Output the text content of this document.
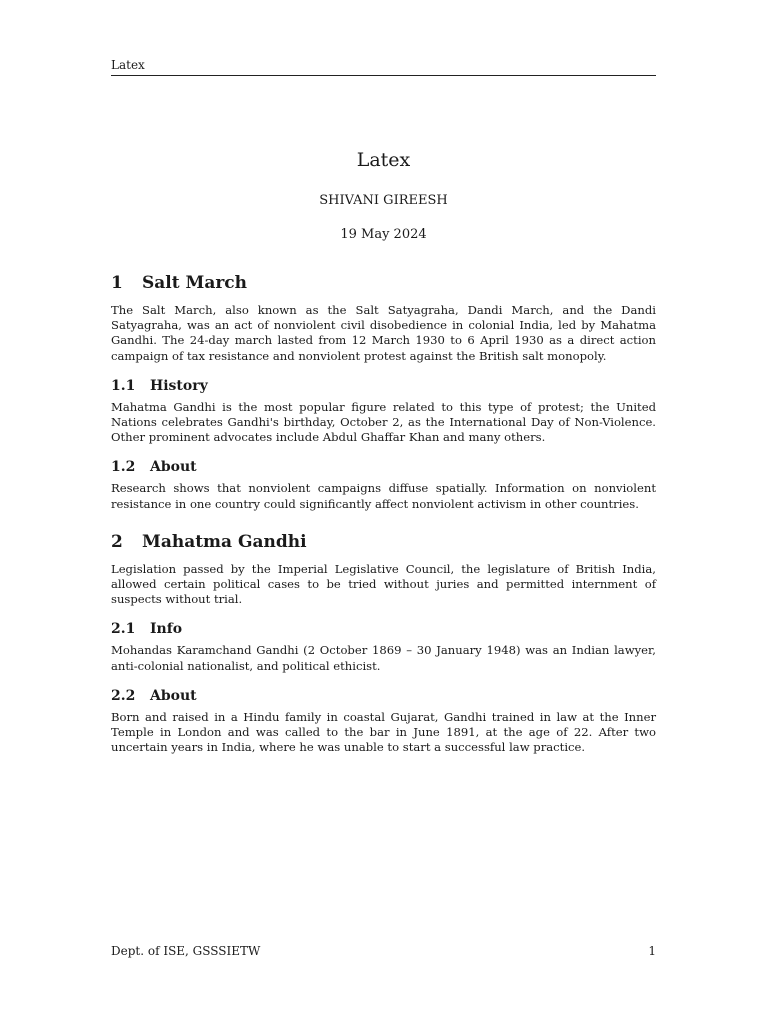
Latex
Latex
SHIVANI GIREESH
19 May 2024
1	Salt March

The Salt March, also known as the Salt Satyagraha, Dandi March, and the Dandi Satyagraha, was an act of nonviolent civil disobedience in colonial India, led by Mahatma Gandhi. The 24-day march lasted from 12 March 1930 to 6 April 1930 as a direct action campaign of tax resistance and nonviolent protest against the British salt monopoly.

1.1	History

Mahatma Gandhi is the most popular figure related to this type of protest; the United Nations celebrates Gandhi's birthday, October 2, as the International Day of Non-Violence. Other prominent advocates include Abdul Ghaffar Khan and many others.

1.2	About

Research shows that nonviolent campaigns diffuse spatially. Information on nonviolent resistance in one country could significantly affect nonviolent activism in other countries.

2	Mahatma Gandhi

Legislation passed by the Imperial Legislative Council, the legislature of British India, allowed certain political cases to be tried without juries and permitted internment of suspects without trial.

2.1	Info

Mohandas Karamchand Gandhi (2 October 1869 – 30 January 1948) was an Indian lawyer, anti-colonial nationalist, and political ethicist.

2.2	About

Born and raised in a Hindu family in coastal Gujarat, Gandhi trained in law at the Inner Temple in London and was called to the bar in June 1891, at the age of 22. After two uncertain years in India, where he was unable to start a successful law practice.

Dept. of ISE, GSSSIETW	1
